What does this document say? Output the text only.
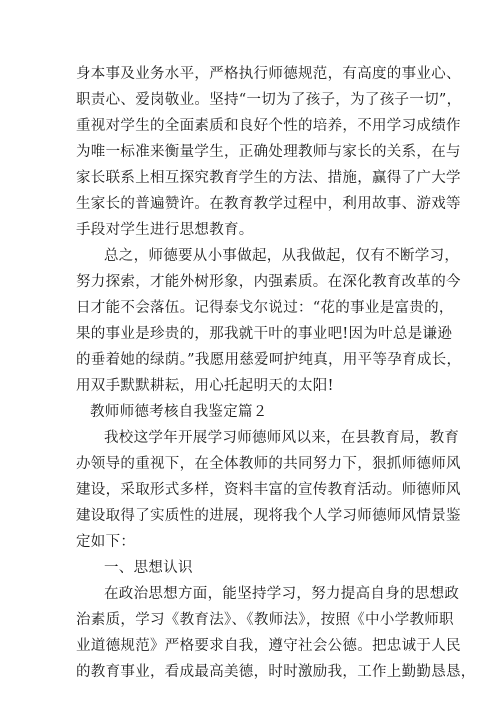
身本事及业务水平，严格执行师德规范，有高度的事业心、
职责心、爱岗敬业。坚持“一切为了孩子，为了孩子一切”，
重视对学生的全面素质和良好个性的培养，不用学习成绩作
为唯一标准来衡量学生，正确处理教师与家长的关系，在与
家长联系上相互探究教育学生的方法、措施，赢得了广大学
生家长的普遍赞许。在教育教学过程中，利用故事、游戏等
手段对学生进行思想教育。
总之，师德要从小事做起，从我做起，仅有不断学习，
努力探索，才能外树形象，内强素质。在深化教育改革的今
日才能不会落伍。记得泰戈尔说过：“花的事业是富贵的，
果的事业是珍贵的，那我就干叶的事业吧!因为叶总是谦逊
的垂着她的绿荫。”我愿用慈爱呵护纯真，用平等孕育成长，
用双手默默耕耘，用心托起明天的太阳!
教师师德考核自我鉴定篇２
我校这学年开展学习师德师风以来，在县教育局，教育
办领导的重视下，在全体教师的共同努力下，狠抓师德师风
建设，采取形式多样，资料丰富的宣传教育活动。师德师风
建设取得了实质性的进展，现将我个人学习师德师风情景鉴
定如下：
一、思想认识
在政治思想方面，能坚持学习，努力提高自身的思想政
治素质，学习《教育法》、《教师法》，按照《中小学教师职
业道德规范》严格要求自我，遵守社会公德。把忠诚于人民
的教育事业，看成最高美德，时时激励我，工作上勤勤恳恳，
